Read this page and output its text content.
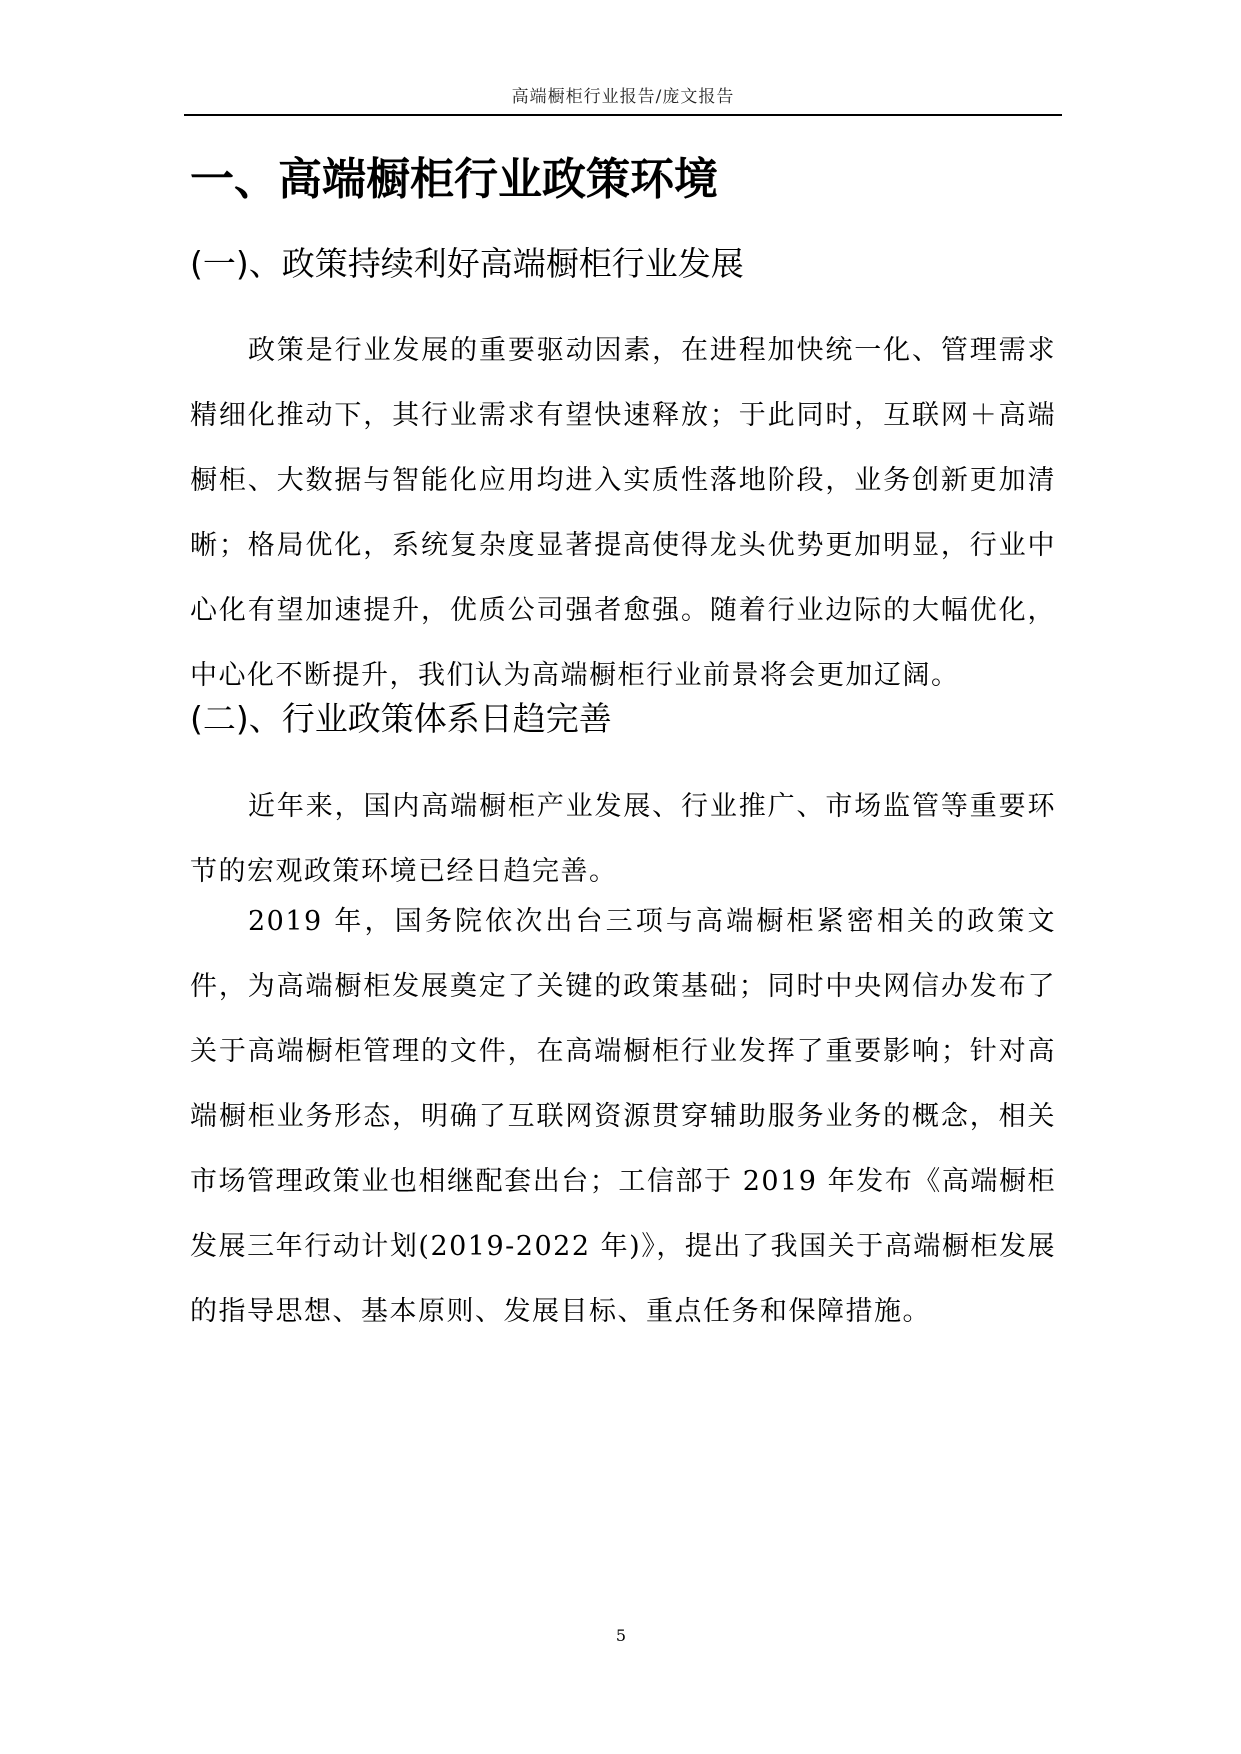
高端橱柜行业报告/庞文报告
一、高端橱柜行业政策环境
(一)、政策持续利好高端橱柜行业发展

政策是行业发展的重要驱动因素，在进程加快统一化、管理需求精细化推动下，其行业需求有望快速释放；于此同时，互联网＋高端橱柜、大数据与智能化应用均进入实质性落地阶段，业务创新更加清晰；格局优化，系统复杂度显著提高使得龙头优势更加明显，行业中心化有望加速提升，优质公司强者愈强。随着行业边际的大幅优化，中心化不断提升，我们认为高端橱柜行业前景将会更加辽阔。

(二)、行业政策体系日趋完善

近年来，国内高端橱柜产业发展、行业推广、市场监管等重要环节的宏观政策环境已经日趋完善。

2019 年，国务院依次出台三项与高端橱柜紧密相关的政策文件，为高端橱柜发展奠定了关键的政策基础；同时中央网信办发布了关于高端橱柜管理的文件，在高端橱柜行业发挥了重要影响；针对高端橱柜业务形态，明确了互联网资源贯穿辅助服务业务的概念，相关市场管理政策业也相继配套出台；工信部于 2019 年发布《高端橱柜发展三年行动计划(2019-2022 年)》，提出了我国关于高端橱柜发展的指导思想、基本原则、发展目标、重点任务和保障措施。

5
